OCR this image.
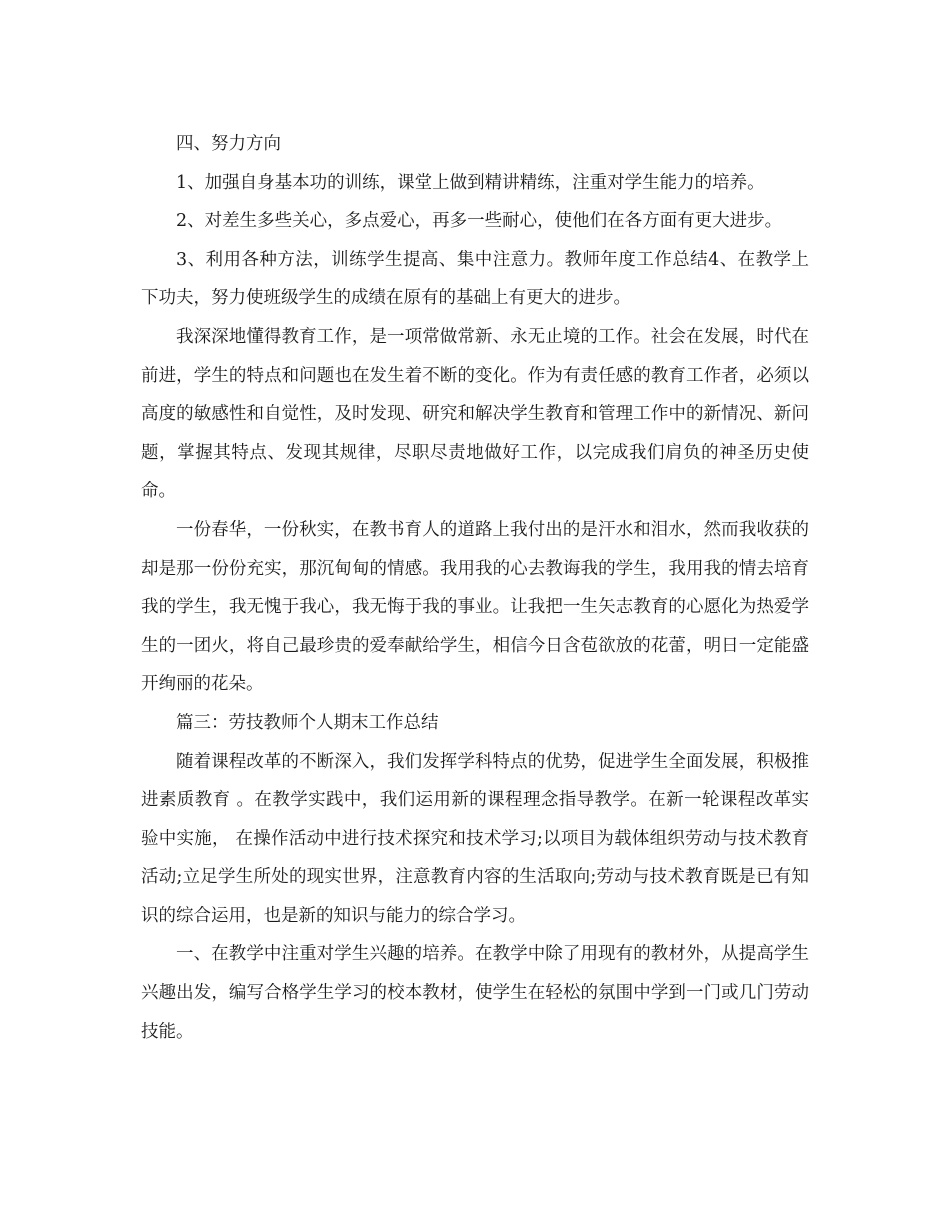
四、努力方向

1、加强自身基本功的训练，课堂上做到精讲精练，注重对学生能力的培养。

2、对差生多些关心，多点爱心，再多一些耐心，使他们在各方面有更大进步。

3、利用各种方法，训练学生提高、集中注意力。教师年度工作总结4、在教学上下功夫，努力使班级学生的成绩在原有的基础上有更大的进步。

我深深地懂得教育工作，是一项常做常新、永无止境的工作。社会在发展，时代在前进，学生的特点和问题也在发生着不断的变化。作为有责任感的教育工作者，必须以高度的敏感性和自觉性，及时发现、研究和解决学生教育和管理工作中的新情况、新问题，掌握其特点、发现其规律，尽职尽责地做好工作，以完成我们肩负的神圣历史使命。

一份春华，一份秋实，在教书育人的道路上我付出的是汗水和泪水，然而我收获的却是那一份份充实，那沉甸甸的情感。我用我的心去教诲我的学生，我用我的情去培育我的学生，我无愧于我心，我无悔于我的事业。让我把一生矢志教育的心愿化为热爱学生的一团火，将自己最珍贵的爱奉献给学生，相信今日含苞欲放的花蕾，明日一定能盛开绚丽的花朵。

篇三：劳技教师个人期末工作总结

随着课程改革的不断深入，我们发挥学科特点的优势，促进学生全面发展，积极推进素质教育 。在教学实践中，我们运用新的课程理念指导教学。在新一轮课程改革实验中实施， 在操作活动中进行技术探究和技术学习;以项目为载体组织劳动与技术教育活动;立足学生所处的现实世界，注意教育内容的生活取向;劳动与技术教育既是已有知识的综合运用，也是新的知识与能力的综合学习。

一、在教学中注重对学生兴趣的培养。在教学中除了用现有的教材外，从提高学生兴趣出发，编写合格学生学习的校本教材，使学生在轻松的氛围中学到一门或几门劳动技能。
